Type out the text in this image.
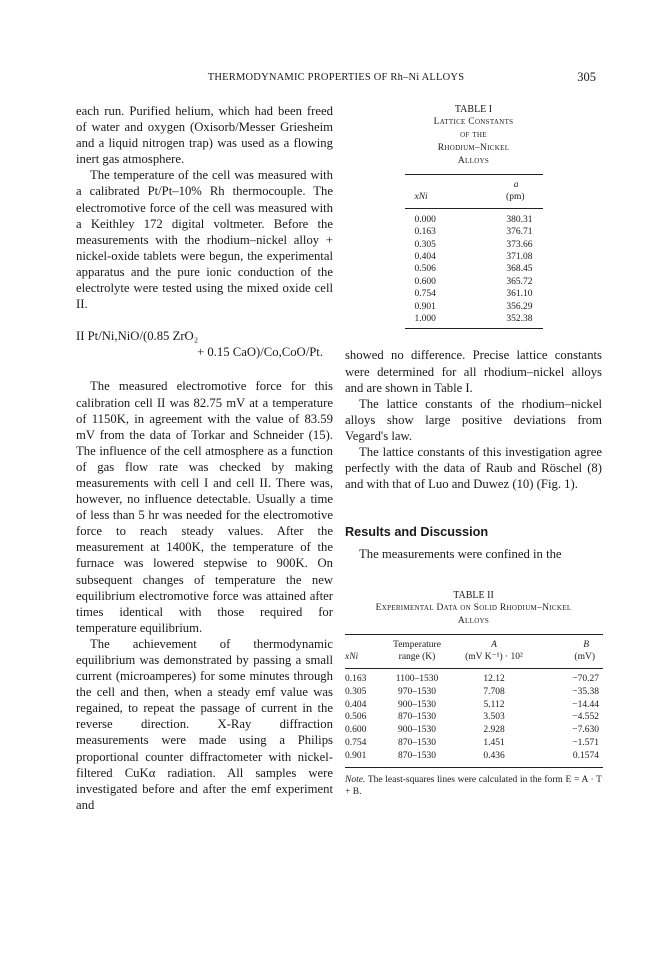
THERMODYNAMIC PROPERTIES OF Rh–Ni ALLOYS	305

each run. Purified helium, which had been freed of water and oxygen (Oxisorb/Messer Griesheim and a liquid nitrogen trap) was used as a flowing inert gas atmosphere.

The temperature of the cell was measured with a calibrated Pt/Pt–10% Rh thermocouple. The electromotive force of the cell was measured with a Keithley 172 digital voltmeter. Before the measurements with the rhodium–nickel alloy + nickel-oxide tablets were begun, the experimental apparatus and the pure ionic conduction of the electrolyte were tested using the mixed oxide cell II.

II Pt/Ni,NiO/(0.85 ZrO₂

+ 0.15 CaO)/Co,CoO/Pt.

The measured electromotive force for this calibration cell II was 82.75 mV at a temperature of 1150K, in agreement with the value of 83.59 mV from the data of Torkar and Schneider (15). The influence of the cell atmosphere as a function of gas flow rate was checked by making measurements with cell I and cell II. There was, however, no influence detectable. Usually a time of less than 5 hr was needed for the electromotive force to reach steady values. After the measurement at 1400K, the temperature of the furnace was lowered stepwise to 900K. On subsequent changes of temperature the new equilibrium electromotive force was attained after times identical with those required for temperature equilibrium.

The achievement of thermodynamic equilibrium was demonstrated by passing a small current (microamperes) for some minutes through the cell and then, when a steady emf value was regained, to repeat the passage of current in the reverse direction. X-Ray diffraction measurements were made using a Philips proportional counter diffractometer with nickel-filtered CuKα radiation. All samples were investigated before and after the emf experiment and

TABLE I
Lattice Constants
of the
Rhodium–Nickel
Alloys
	a
xNi	(pm)
0.000	380.31
0.163	376.71
0.305	373.66
0.404	371.08
0.506	368.45
0.600	365.72
0.754	361.10
0.901	356.29
1.000	352.38

showed no difference. Precise lattice constants were determined for all rhodium–nickel alloys and are shown in Table I.

The lattice constants of the rhodium–nickel alloys show large positive deviations from Vegard's law.

The lattice constants of this investigation agree perfectly with the data of Raub and Röschel (8) and with that of Luo and Duwez (10) (Fig. 1).

Results and Discussion

The measurements were confined in the

TABLE II
Experimental Data on Solid Rhodium–Nickel
Alloys
	Temperature	A	B
xNi	range (K)	(mV K⁻¹) · 10²	(mV)
0.163	1100–1530	12.12	−70.27
0.305	970–1530	7.708	−35.38
0.404	900–1530	5.112	−14.44
0.506	870–1530	3.503	−4.552
0.600	900–1530	2.928	−7.630
0.754	870–1530	1.451	−1.571
0.901	870–1530	0.436	0.1574
Note. The least-squares lines were calculated in the form E = A · T + B.
